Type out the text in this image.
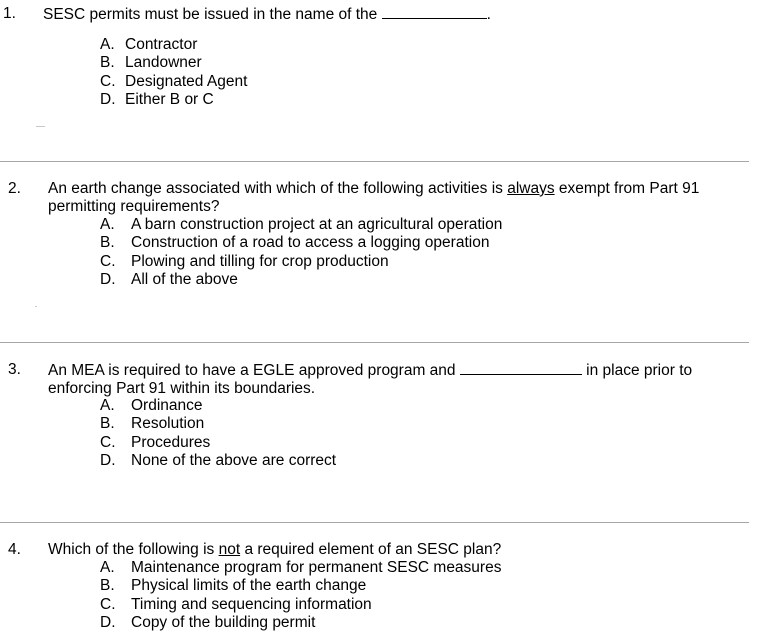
1. SESC permits must be issued in the name of the	.
A. Contractor
B. Landowner
C. Designated Agent
D. Either B or C
2. An earth change associated with which of the following activities is always exempt from Part 91
permitting requirements?
A. A barn construction project at an agricultural operation
B. Construction of a road to access a logging operation
C. Plowing and tilling for crop production
D. All of the above
3. An MEA is required to have a EGLE approved program and	in place prior to
enforcing Part 91 within its boundaries.
A. Ordinance
B. Resolution
C. Procedures
D. None of the above are correct
4. Which of the following is not a required element of an SESC plan?
A. Maintenance program for permanent SESC measures
B. Physical limits of the earth change
C. Timing and sequencing information
D. Copy of the building permit
